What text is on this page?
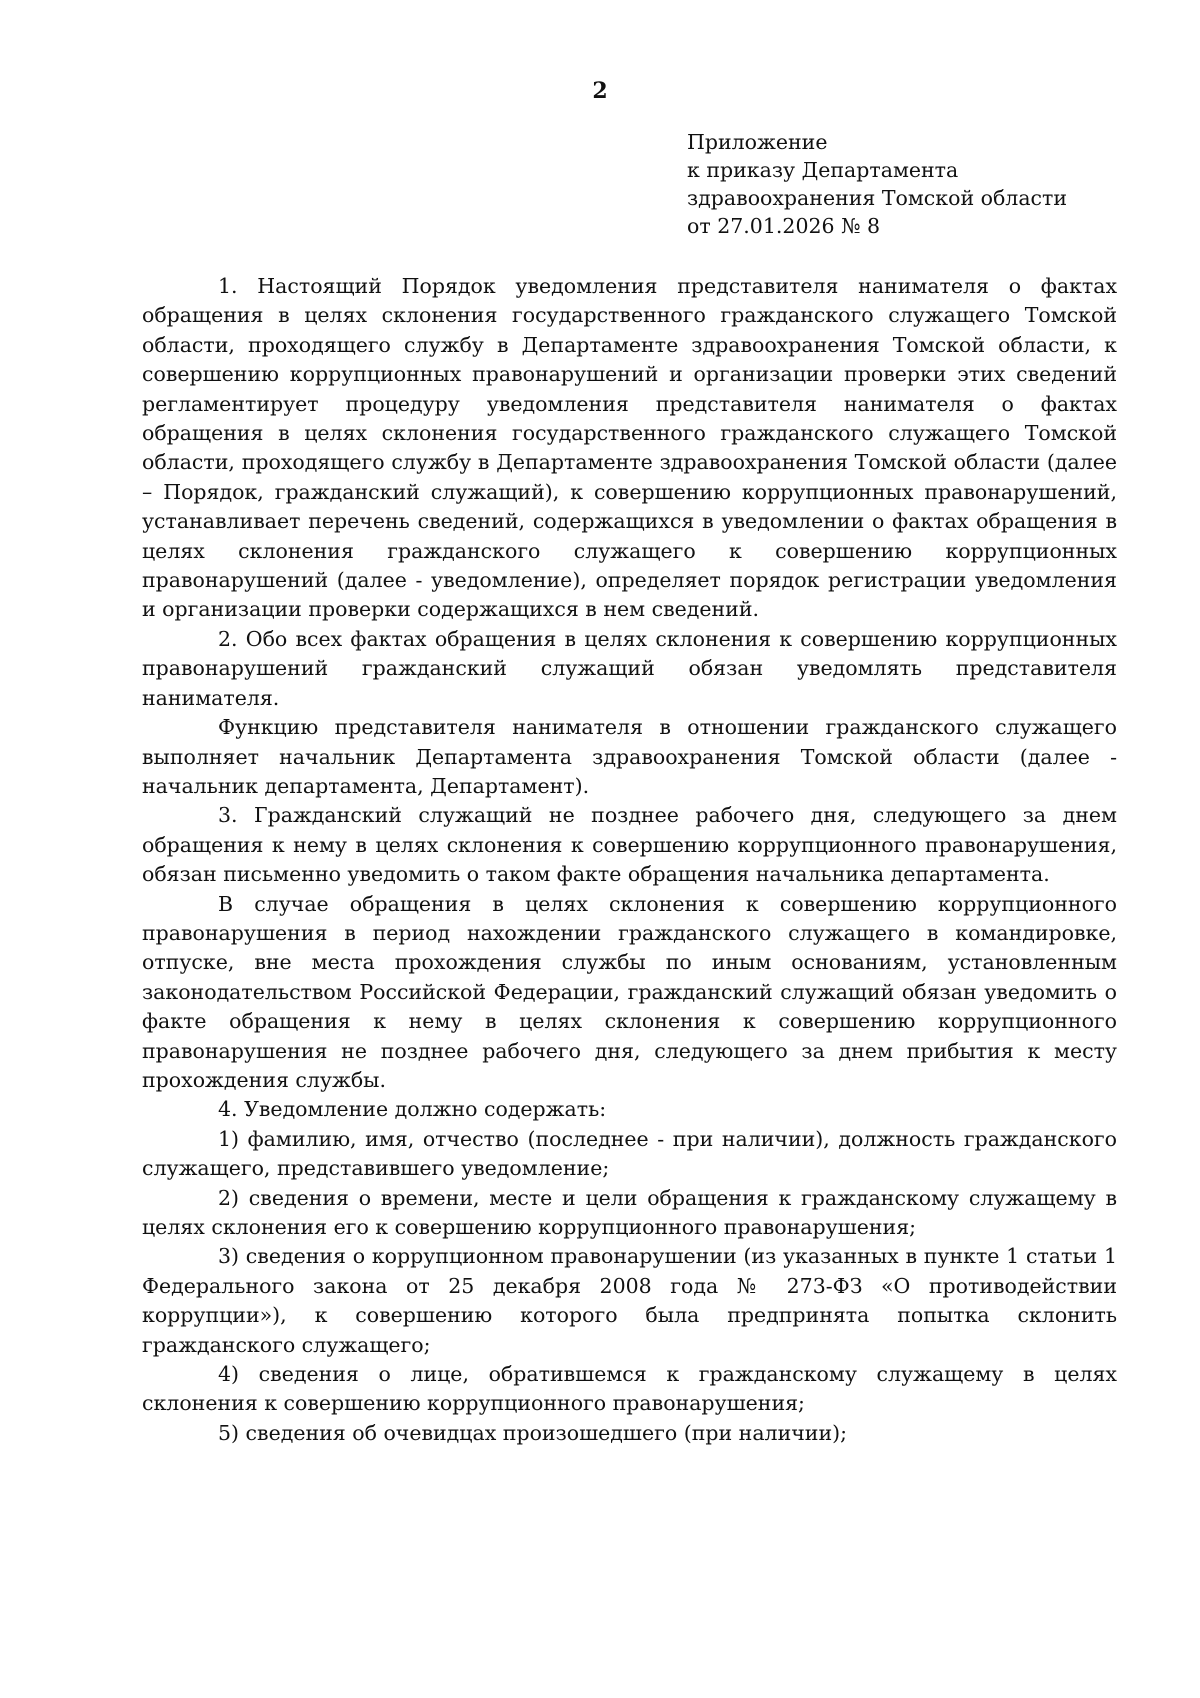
2
Приложение
к приказу Департамента
здравоохранения Томской области
от 27.01.2026 № 8

1. Настоящий Порядок уведомления представителя нанимателя о фактах обращения в целях склонения государственного гражданского служащего Томской области, проходящего службу в Департаменте здравоохранения Томской области, к совершению коррупционных правонарушений и организации проверки этих сведений регламентирует процедуру уведомления представителя нанимателя о фактах обращения в целях склонения государственного гражданского служащего Томской области, проходящего службу в Департаменте здравоохранения Томской области (далее – Порядок, гражданский служащий), к совершению коррупционных правонарушений, устанавливает перечень сведений, содержащихся в уведомлении о фактах обращения в целях склонения гражданского служащего к совершению коррупционных правонарушений (далее - уведомление), определяет порядок регистрации уведомления и организации проверки содержащихся в нем сведений.

2. Обо всех фактах обращения в целях склонения к совершению коррупционных правонарушений гражданский служащий обязан уведомлять представителя нанимателя.

Функцию представителя нанимателя в отношении гражданского служащего выполняет начальник Департамента здравоохранения Томской области (далее - начальник департамента, Департамент).

3. Гражданский служащий не позднее рабочего дня, следующего за днем обращения к нему в целях склонения к совершению коррупционного правонарушения, обязан письменно уведомить о таком факте обращения начальника департамента.

В случае обращения в целях склонения к совершению коррупционного правонарушения в период нахождении гражданского служащего в командировке, отпуске, вне места прохождения службы по иным основаниям, установленным законодательством Российской Федерации, гражданский служащий обязан уведомить о факте обращения к нему в целях склонения к совершению коррупционного правонарушения не позднее рабочего дня, следующего за днем прибытия к месту прохождения службы.

4. Уведомление должно содержать:

1) фамилию, имя, отчество (последнее - при наличии), должность гражданского служащего, представившего уведомление;

2) сведения о времени, месте и цели обращения к гражданскому служащему в целях склонения его к совершению коррупционного правонарушения;

3) сведения о коррупционном правонарушении (из указанных в пункте 1 статьи 1 Федерального закона от 25 декабря 2008 года № 273-ФЗ «О противодействии коррупции»), к совершению которого была предпринята попытка склонить гражданского служащего;

4) сведения о лице, обратившемся к гражданскому служащему в целях склонения к совершению коррупционного правонарушения;

5) сведения об очевидцах произошедшего (при наличии);
